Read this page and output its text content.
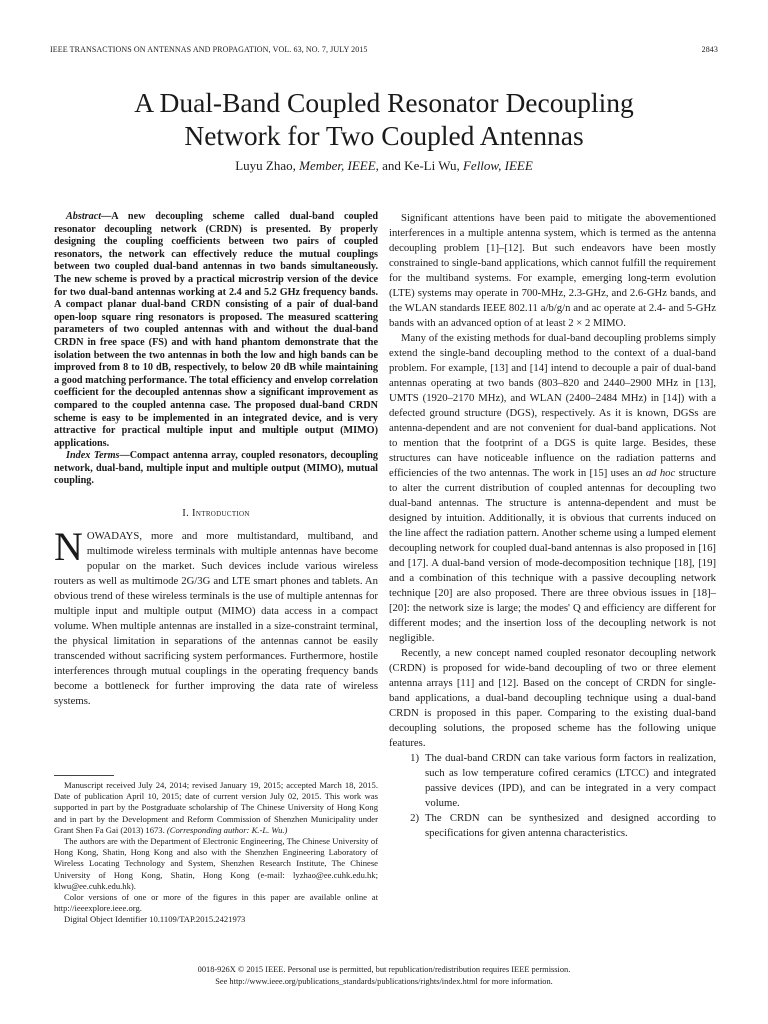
IEEE TRANSACTIONS ON ANTENNAS AND PROPAGATION, VOL. 63, NO. 7, JULY 2015	2843
A Dual-Band Coupled Resonator Decoupling
Network for Two Coupled Antennas
Luyu Zhao, Member, IEEE, and Ke-Li Wu, Fellow, IEEE

Abstract—A new decoupling scheme called dual-band coupled resonator decoupling network (CRDN) is presented. By properly designing the coupling coefficients between two pairs of coupled resonators, the network can effectively reduce the mutual couplings between two coupled dual-band antennas in two bands simultaneously. The new scheme is proved by a practical microstrip version of the device for two dual-band antennas working at 2.4 and 5.2 GHz frequency bands. A compact planar dual-band CRDN consisting of a pair of dual-band open-loop square ring resonators is proposed. The measured scattering parameters of two coupled antennas with and without the dual-band CRDN in free space (FS) and with hand phantom demonstrate that the isolation between the two antennas in both the low and high bands can be improved from 8 to 10 dB, respectively, to below 20 dB while maintaining a good matching performance. The total efficiency and envelop correlation coefficient for the decoupled antennas show a significant improvement as compared to the coupled antenna case. The proposed dual-band CRDN scheme is easy to be implemented in an integrated device, and is very attractive for practical multiple input and multiple output (MIMO) applications.

Index Terms—Compact antenna array, coupled resonators, decoupling network, dual-band, multiple input and multiple output (MIMO), mutual coupling.

I. Introduction

NOWADAYS, more and more multistandard, multiband, and multimode wireless terminals with multiple antennas have become popular on the market. Such devices include various wireless routers as well as multimode 2G/3G and LTE smart phones and tablets. An obvious trend of these wireless terminals is the use of multiple antennas for multiple input and multiple output (MIMO) data access in a compact volume. When multiple antennas are installed in a size-constraint terminal, the physical limitation in separations of the antennas cannot be easily transcended without sacrificing system performances. Furthermore, hostile interferences through mutual couplings in the operating frequency bands become a bottleneck for further improving the data rate of wireless systems.

Manuscript received July 24, 2014; revised January 19, 2015; accepted March 18, 2015. Date of publication April 10, 2015; date of current version July 02, 2015. This work was supported in part by the Postgraduate scholarship of The Chinese University of Hong Kong and in part by the Development and Reform Commission of Shenzhen Municipality under Grant Shen Fa Gai (2013) 1673. (Corresponding author: K.-L. Wu.)

The authors are with the Department of Electronic Engineering, The Chinese University of Hong Kong, Shatin, Hong Kong and also with the Shenzhen Engineering Laboratory of Wireless Locating Technology and System, Shenzhen Research Institute, The Chinese University of Hong Kong, Shatin, Hong Kong (e-mail: lyzhao@ee.cuhk.edu.hk; klwu@ee.cuhk.edu.hk).

Color versions of one or more of the figures in this paper are available online at http://ieeexplore.ieee.org.

Digital Object Identifier 10.1109/TAP.2015.2421973

Significant attentions have been paid to mitigate the abovementioned interferences in a multiple antenna system, which is termed as the antenna decoupling problem [1]–[12]. But such endeavors have been mostly constrained to single-band applications, which cannot fulfill the requirement for the multiband systems. For example, emerging long-term evolution (LTE) systems may operate in 700-MHz, 2.3-GHz, and 2.6-GHz bands, and the WLAN standards IEEE 802.11 a/b/g/n and ac operate at 2.4- and 5-GHz bands with an advanced option of at least 2 × 2 MIMO.

Many of the existing methods for dual-band decoupling problems simply extend the single-band decoupling method to the context of a dual-band problem. For example, [13] and [14] intend to decouple a pair of dual-band antennas operating at two bands (803–820 and 2440–2900 MHz in [13], UMTS (1920–2170 MHz), and WLAN (2400–2484 MHz) in [14]) with a defected ground structure (DGS), respectively. As it is known, DGSs are antenna-dependent and are not convenient for dual-band applications. Not to mention that the footprint of a DGS is quite large. Besides, these structures can have noticeable influence on the radiation patterns and efficiencies of the two antennas. The work in [15] uses an ad hoc structure to alter the current distribution of coupled antennas for decoupling two dual-band antennas. The structure is antenna-dependent and must be designed by intuition. Additionally, it is obvious that currents induced on the line affect the radiation pattern. Another scheme using a lumped element decoupling network for coupled dual-band antennas is also proposed in [16] and [17]. A dual-band version of mode-decomposition technique [18], [19] and a combination of this technique with a passive decoupling network technique [20] are also proposed. There are three obvious issues in [18]–[20]: the network size is large; the modes' Q and efficiency are different for different modes; and the insertion loss of the decoupling network is not negligible.

Recently, a new concept named coupled resonator decoupling network (CRDN) is proposed for wide-band decoupling of two or three element antenna arrays [11] and [12]. Based on the concept of CRDN for single-band applications, a dual-band decoupling technique using a dual-band CRDN is proposed in this paper. Comparing to the existing dual-band decoupling solutions, the proposed scheme has the following unique features.

1) The dual-band CRDN can take various form factors in realization, such as low temperature cofired ceramics (LTCC) and integrated passive devices (IPD), and can be integrated in a very compact volume.
2) The CRDN can be synthesized and designed according to specifications for given antenna characteristics.
0018-926X © 2015 IEEE. Personal use is permitted, but republication/redistribution requires IEEE permission.
See http://www.ieee.org/publications_standards/publications/rights/index.html for more information.
